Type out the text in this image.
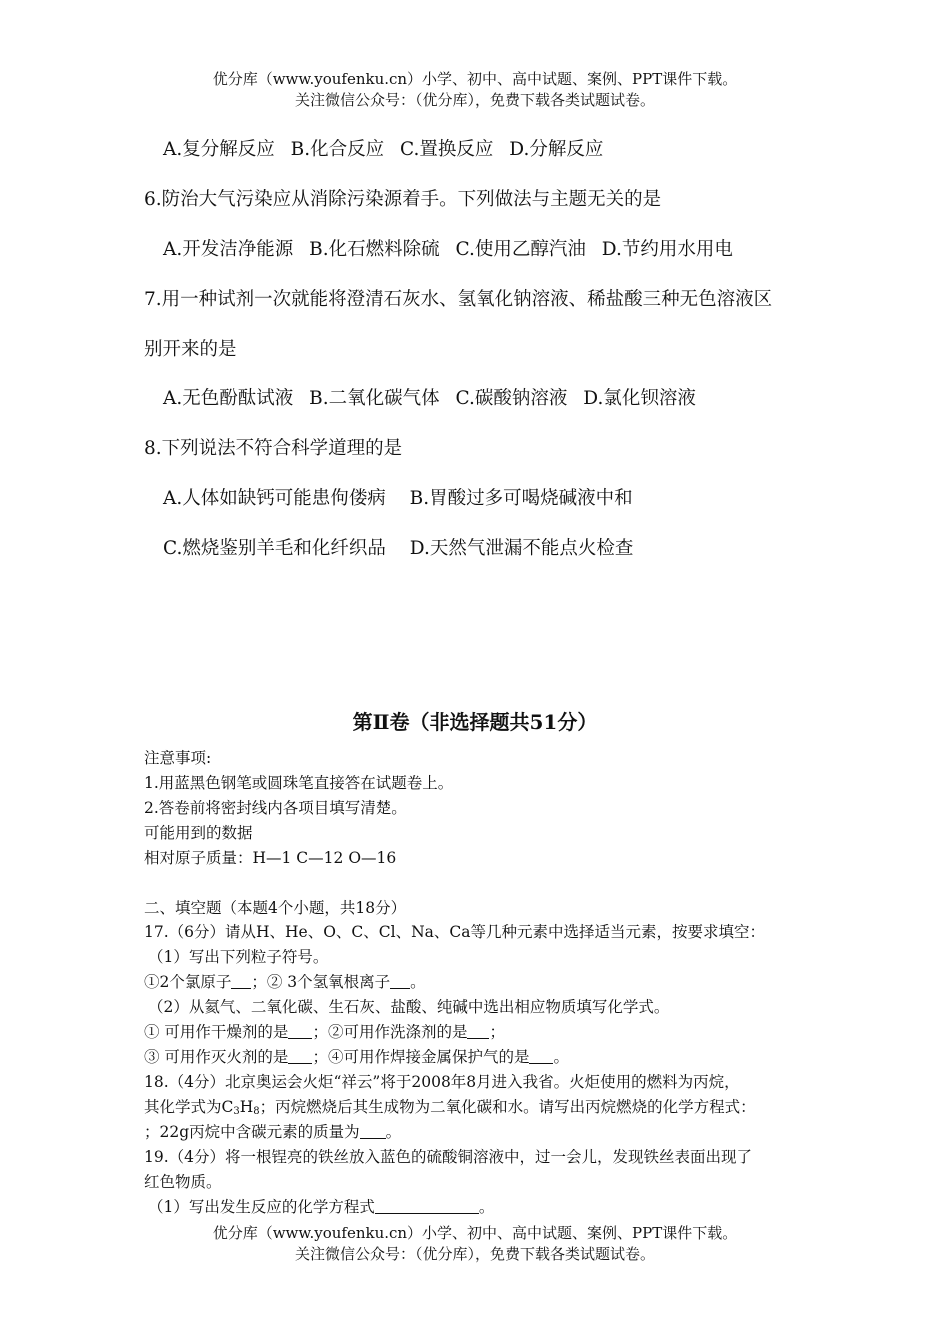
优分库（www.youfenku.cn）小学、初中、高中试题、案例、PPT课件下载。
关注微信公众号：（优分库），免费下载各类试题试卷。
A.复分解反应 B.化合反应 C.置换反应 D.分解反应
6.防治大气污染应从消除污染源着手。下列做法与主题无关的是
A.开发洁净能源 B.化石燃料除硫 C.使用乙醇汽油 D.节约用水用电
7.用一种试剂一次就能将澄清石灰水、氢氧化钠溶液、稀盐酸三种无色溶液区
别开来的是
A.无色酚酞试液 B.二氧化碳气体 C.碳酸钠溶液 D.氯化钡溶液
8.下列说法不符合科学道理的是
A.人体如缺钙可能患佝偻病 B.胃酸过多可喝烧碱液中和
C.燃烧鉴别羊毛和化纤织品 D.天然气泄漏不能点火检查
第Ⅱ卷（非选择题共51分）
注意事项:
1.用蓝黑色钢笔或圆珠笔直接答在试题卷上。
2.答卷前将密封线内各项目填写清楚。
可能用到的数据
相对原子质量：H—1 C—12 O—16
二、填空题（本题4个小题，共18分）
17.（6分）请从H、He、O、C、Cl、Na、Ca等几种元素中选择适当元素，按要求填空：
（1）写出下列粒子符号。
①2个氯原子 ；② 3个氢氧根离子 。
（2）从氦气、二氧化碳、生石灰、盐酸、纯碱中选出相应物质填写化学式。
① 可用作干燥剂的是 ；②可用作洗涤剂的是 ；
③ 可用作灭火剂的是 ；④可用作焊接金属保护气的是 。
18.（4分）北京奥运会火炬“祥云”将于2008年8月进入我省。火炬使用的燃料为丙烷，
其化学式为$C_3H_8$；丙烷燃烧后其生成物为二氧化碳和水。请写出丙烷燃烧的化学方程式：
；22g丙烷中含碳元素的质量为 。
19.（4分）将一根锃亮的铁丝放入蓝色的硫酸铜溶液中，过一会儿，发现铁丝表面出现了
红色物质。
（1）写出发生反应的化学方程式	。
优分库（www.youfenku.cn）小学、初中、高中试题、案例、PPT课件下载。
关注微信公众号：（优分库），免费下载各类试题试卷。
